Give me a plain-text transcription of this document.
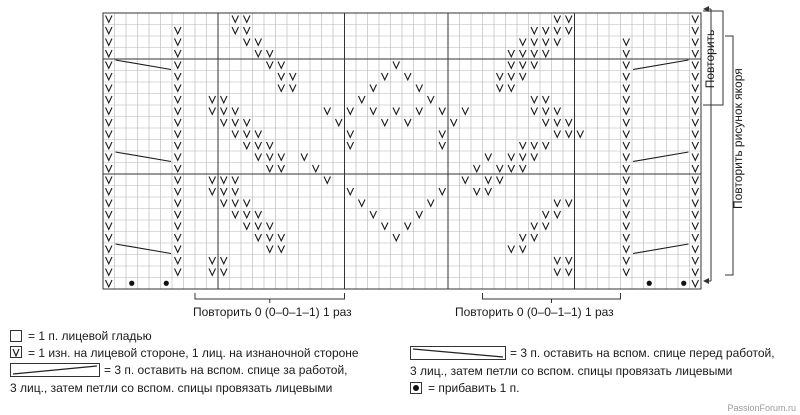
Повторить 0 (0–0–1–1) 1 раз	Повторить 0 (0–0–1–1) 1 раз
Повторить
Повторить рисунок якоря
= 1 п. лицевой гладью
= 1 изн. на лицевой стороне, 1 лиц. на изнаночной стороне
= 3 п. оставить на вспом. спице за работой,
3 лиц., затем петли со вспом. спицы провязать лицевыми
= 3 п. оставить на вспом. спице перед работой,
3 лиц., затем петли со вспом. спицы провязать лицевыми
= прибавить 1 п.
PassionForum.ru
